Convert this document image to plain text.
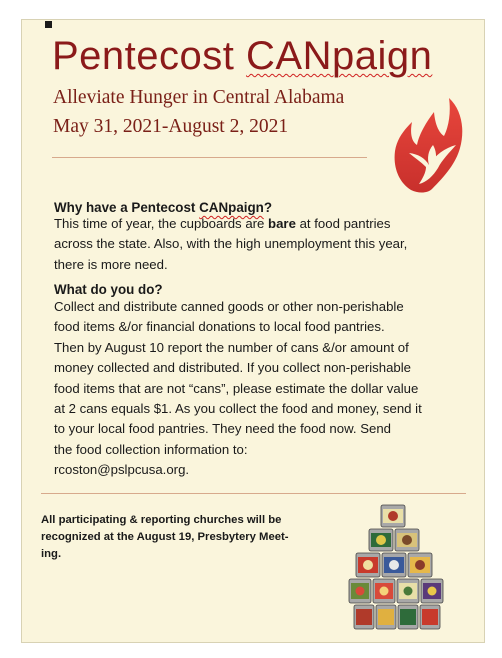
Pentecost CANpaign
Alleviate Hunger in Central Alabama
May 31, 2021-August 2, 2021
Why have a Pentecost CANpaign?
This time of year, the cupboards are bare at food pantries
across the state. Also, with the high unemployment this year,
there is more need.
What do you do?
Collect and distribute canned goods or other non-perishable
food items &/or financial donations to local food pantries.
Then by August 10 report the number of cans &/or amount of
money collected and distributed. If you collect non-perishable
food items that are not “cans”, please estimate the dollar value
at 2 cans equals $1. As you collect the food and money, send it
to your local food pantries. They need the food now. Send
the food collection information to:
rcoston@pslpcusa.org.
All participating & reporting churches will be
recognized at the August 19, Presbytery Meet-
ing.
